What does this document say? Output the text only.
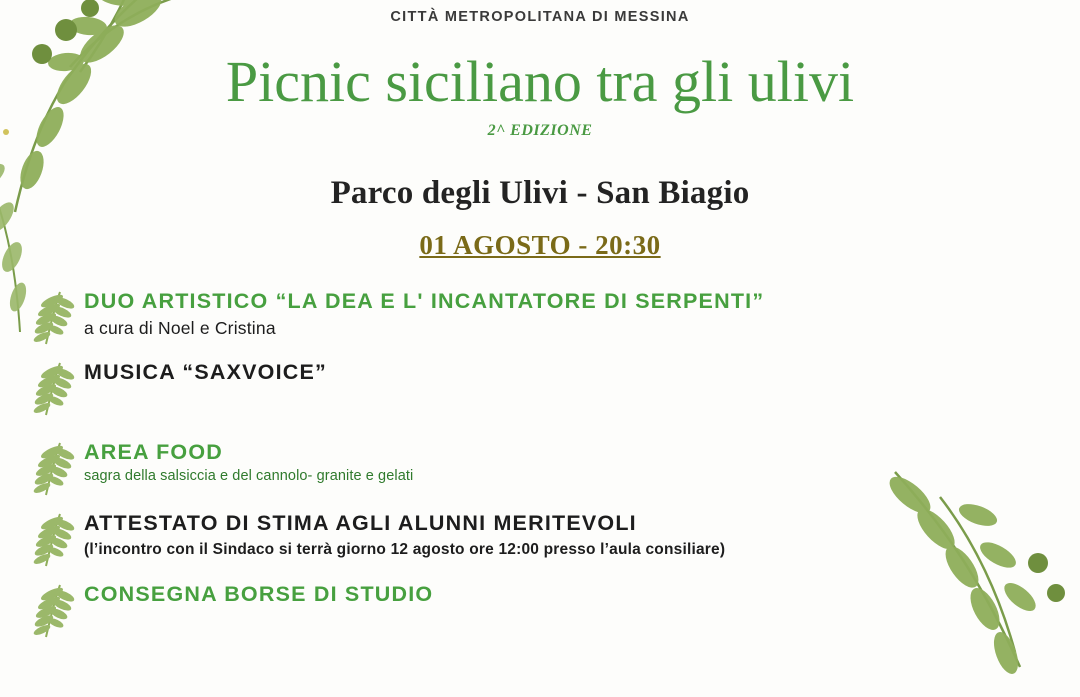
CITTÀ METROPOLITANA DI MESSINA
Picnic siciliano tra gli ulivi
2^ EDIZIONE
Parco degli Ulivi - San Biagio
01 AGOSTO - 20:30
DUO ARTISTICO “LA DEA E L' INCANTATORE DI SERPENTI”
a cura di Noel e Cristina
MUSICA “SAXVOICE”
AREA FOOD
sagra della salsiccia e del cannolo- granite e gelati
ATTESTATO DI STIMA AGLI ALUNNI MERITEVOLI
(l’incontro con il Sindaco si terrà giorno 12 agosto ore 12:00 presso l’aula consiliare)
CONSEGNA BORSE DI STUDIO
